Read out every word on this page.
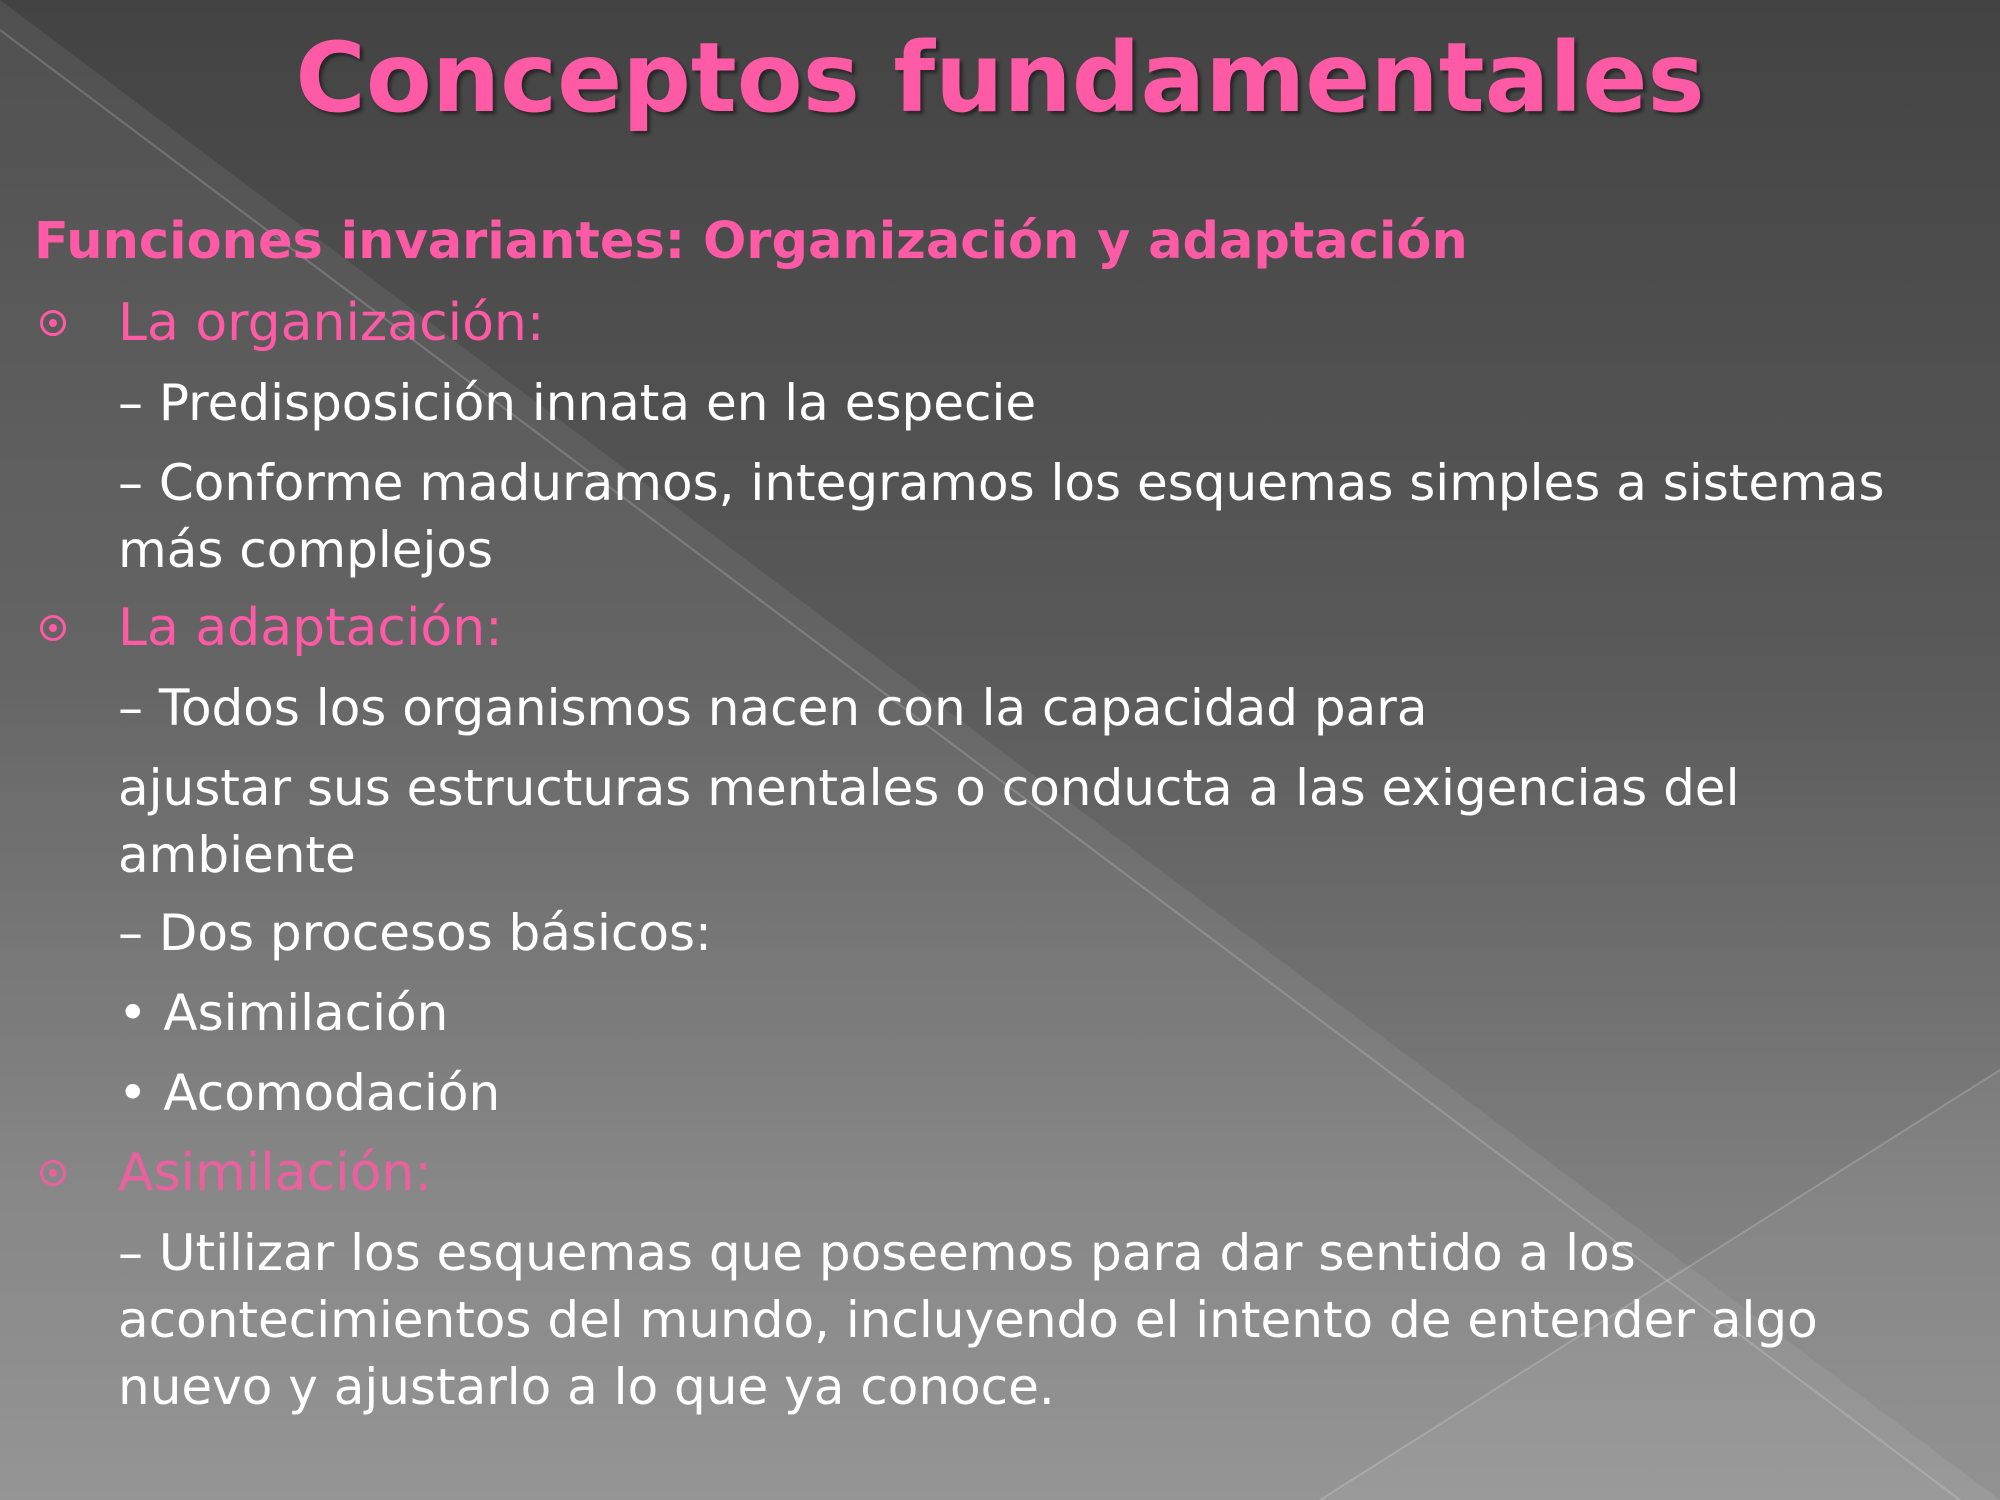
Conceptos fundamentales
Funciones invariantes: Organización y adaptación
La organización:
– Predisposición innata en la especie
– Conforme maduramos, integramos los esquemas simples a sistemas más complejos
La adaptación:
– Todos los organismos nacen con la capacidad para
ajustar sus estructuras mentales o conducta a las exigencias del ambiente
– Dos procesos básicos:
• Asimilación
• Acomodación
Asimilación:
– Utilizar los esquemas que poseemos para dar sentido a los acontecimientos del mundo, incluyendo el intento de entender algo nuevo y ajustarlo a lo que ya conoce.
